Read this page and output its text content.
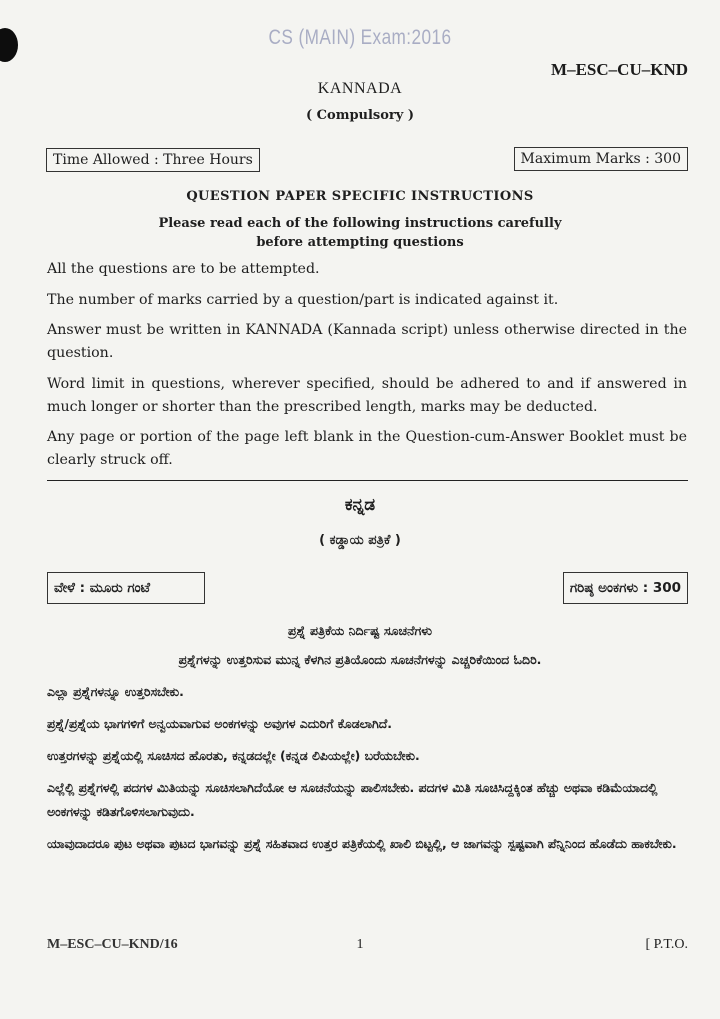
CS (MAIN) Exam:2016
M–ESC–CU–KND
KANNADA
( Compulsory )
Time Allowed : Three Hours	Maximum Marks : 300
QUESTION PAPER SPECIFIC INSTRUCTIONS
Please read each of the following instructions carefully
before attempting questions

All the questions are to be attempted.

The number of marks carried by a question/part is indicated against it.

Answer must be written in KANNADA (Kannada script) unless otherwise directed in the question.

Word limit in questions, wherever specified, should be adhered to and if answered in much longer or shorter than the prescribed length, marks may be deducted.

Any page or portion of the page left blank in the Question-cum-Answer Booklet must be clearly struck off.

ಕನ್ನಡ
( ಕಡ್ಡಾಯ ಪತ್ರಿಕೆ )
ವೇಳೆ : ಮೂರು ಗಂಟೆ	ಗರಿಷ್ಠ ಅಂಕಗಳು : 300
ಪ್ರಶ್ನೆ ಪತ್ರಿಕೆಯ ನಿರ್ದಿಷ್ಟ ಸೂಚನೆಗಳು
ಪ್ರಶ್ನೆಗಳನ್ನು ಉತ್ತರಿಸುವ ಮುನ್ನ ಕೆಳಗಿನ ಪ್ರತಿಯೊಂದು ಸೂಚನೆಗಳನ್ನು ಎಚ್ಚರಿಕೆಯಿಂದ ಓದಿರಿ.

ಎಲ್ಲಾ ಪ್ರಶ್ನೆಗಳನ್ನೂ ಉತ್ತರಿಸಬೇಕು.

ಪ್ರಶ್ನೆ/ಪ್ರಶ್ನೆಯ ಭಾಗಗಳಿಗೆ ಅನ್ವಯವಾಗುವ ಅಂಕಗಳನ್ನು ಅವುಗಳ ಎದುರಿಗೆ ಕೊಡಲಾಗಿದೆ.

ಉತ್ತರಗಳನ್ನು ಪ್ರಶ್ನೆಯಲ್ಲಿ ಸೂಚಿಸದ ಹೊರತು, ಕನ್ನಡದಲ್ಲೇ (ಕನ್ನಡ ಲಿಪಿಯಲ್ಲೇ) ಬರೆಯಬೇಕು.

ಎಲ್ಲೆಲ್ಲಿ ಪ್ರಶ್ನೆಗಳಲ್ಲಿ ಪದಗಳ ಮಿತಿಯನ್ನು ಸೂಚಿಸಲಾಗಿದೆಯೋ ಆ ಸೂಚನೆಯನ್ನು ಪಾಲಿಸಬೇಕು. ಪದಗಳ ಮಿತಿ ಸೂಚಿಸಿದ್ದಕ್ಕಿಂತ ಹೆಚ್ಚು ಅಥವಾ ಕಡಿಮೆಯಾದಲ್ಲಿ ಅಂಕಗಳನ್ನು ಕಡಿತಗೊಳಿಸಲಾಗುವುದು.

ಯಾವುದಾದರೂ ಪುಟ ಅಥವಾ ಪುಟದ ಭಾಗವನ್ನು ಪ್ರಶ್ನೆ ಸಹಿತವಾದ ಉತ್ತರ ಪತ್ರಿಕೆಯಲ್ಲಿ ಖಾಲಿ ಬಿಟ್ಟಲ್ಲಿ, ಆ ಜಾಗವನ್ನು ಸ್ಪಷ್ಟವಾಗಿ ಪೆನ್ನಿನಿಂದ ಹೊಡೆದು ಹಾಕಬೇಕು.

M–ESC–CU–KND/16	1	[ P.T.O.
